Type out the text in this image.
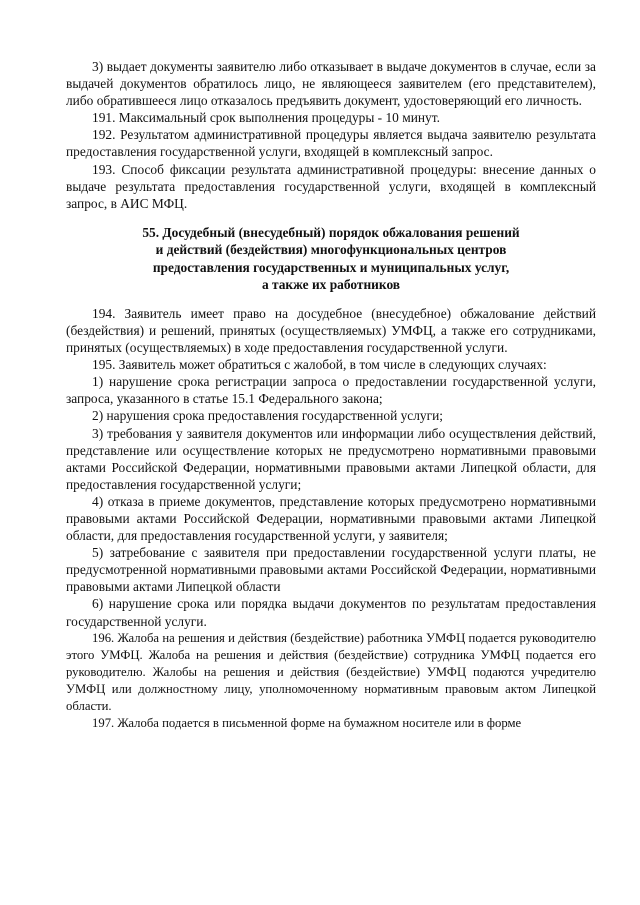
3) выдает документы заявителю либо отказывает в выдаче документов в случае, если за выдачей документов обратилось лицо, не являющееся заявителем (его представителем), либо обратившееся лицо отказалось предъявить документ, удостоверяющий его личность.

191. Максимальный срок выполнения процедуры - 10 минут.

192. Результатом административной процедуры является выдача заявителю результата предоставления государственной услуги, входящей в комплексный запрос.

193. Способ фиксации результата административной процедуры: внесение данных о выдаче результата предоставления государственной услуги, входящей в комплексный запрос, в АИС МФЦ.

55. Досудебный (внесудебный) порядок обжалования решений
и действий (бездействия) многофункциональных центров
предоставления государственных и муниципальных услуг,
а также их работников

194. Заявитель имеет право на досудебное (внесудебное) обжалование действий (бездействия) и решений, принятых (осуществляемых) УМФЦ, а также его сотрудниками, принятых (осуществляемых) в ходе предоставления государственной услуги.

195. Заявитель может обратиться с жалобой, в том числе в следующих случаях:

1) нарушение срока регистрации запроса о предоставлении государственной услуги, запроса, указанного в статье 15.1 Федерального закона;

2) нарушения срока предоставления государственной услуги;

3) требования у заявителя документов или информации либо осуществления действий, представление или осуществление которых не предусмотрено нормативными правовыми актами Российской Федерации, нормативными правовыми актами Липецкой области, для предоставления государственной услуги;

4) отказа в приеме документов, представление которых предусмотрено нормативными правовыми актами Российской Федерации, нормативными правовыми актами Липецкой области, для предоставления государственной услуги, у заявителя;

5) затребование с заявителя при предоставлении государственной услуги платы, не предусмотренной нормативными правовыми актами Российской Федерации, нормативными правовыми актами Липецкой области

6) нарушение срока или порядка выдачи документов по результатам предоставления государственной услуги.

196. Жалоба на решения и действия (бездействие) работника УМФЦ подается руководителю этого УМФЦ. Жалоба на решения и действия (бездействие) сотрудника УМФЦ подается его руководителю. Жалобы на решения и действия (бездействие) УМФЦ подаются учредителю УМФЦ или должностному лицу, уполномоченному нормативным правовым актом Липецкой области.

197. Жалоба подается в письменной форме на бумажном носителе или в форме
